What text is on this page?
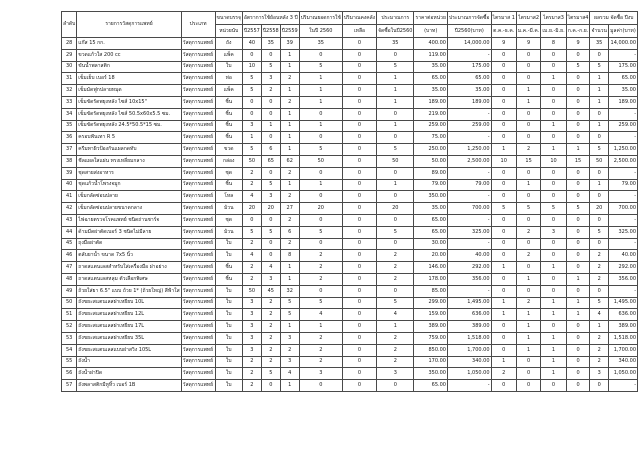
ลำดับ	รายการวัสดุการแพทย์	ประเภท	ขนาดบรรจุ	อัตราการใช้ย้อนหลัง 3 ปี			ปริมาณยอดการใช้	ปริมาณคงคลัง	ประมาณการ	ราคาต่อหน่วย	ประมาณการจัดซื้อ	ไตรมาส 1	ไตรมาส2	ไตรมาส3	ไตรมาส4	ผลรวม จัดซื้อ ปีงบ	
			หน่วยนับ	ปี2557	ปี2558	ปี2559	ในปี 2560	เหลือ	จัดซื้อในปี2560	(บาท)	ปี2560(บาท)	ต.ค.-ธ.ค.	ม.ค.-มี.ค.	เม.ย.-มิ.ย.	ก.ค.-ก.ย.	จำนวน	มูลค่า(บาท)
28	แก๊ส 15 กก.	วัสดุการแพทย์	ถัง	40	35	39	35	0	35	400.00	14,000.00	9	9	8	9	35	14,000.00
29	ขวดแก้วใส 200 cc	วัสดุการแพทย์	แพ็ค	0	0	1	0	0	0	119.00	-	0	0	0	0	0	-
30	ขันน้ำพลาสติก	วัสดุการแพทย์	ใบ	10	5	1	5	0	5	35.00	175.00	0	0	0	5	5	175.00
31	เข็มเย็บ เบอร์ 18	วัสดุการแพทย์	ห่อ	5	3	2	1	0	1	65.00	65.00	0	0	1	0	1	65.00
32	เข็มมัดฟูกปลายหมุด	วัสดุการแพทย์	แพ็ค	5	2	1	1	0	1	35.00	35.00	0	1	0	0	1	35.00
33	เข็มขัดรัดพยุงหลัง ไซส์ 10x15"	วัสดุการแพทย์	ชิ้น	0	0	2	1	0	1	189.00	189.00	0	1	0	0	1	189.00
34	เข็มขัดรัดพยุงหลัง ไซส์ 50.5x60x5.5 ซม.	วัสดุการแพทย์	ชิ้น	0	0	1	0	0	0	219.00	-	0	0	0	0	0	-
35	เข็มขัดรัดพยุงหลัง 24.5*50.5*15 ซม.	วัสดุการแพทย์	ชิ้น	3	1	1	1	0	1	259.00	259.00	0	0	1	0	1	259.00
36	ครอบฟันเทา R 5	วัสดุการแพทย์	ชิ้น	1	0	1	0	0	0	75.00	-	0	0	0	0	0	-
37	ครีมทาผิวป้องกันแผลกดทับ	วัสดุการแพทย์	ขวด	5	6	1	5	0	5	250.00	1,250.00	1	2	1	1	5	1,250.00
38	ชีลแผลใสแผ่น ทรงเหลี่ยมกลาง	วัสดุการแพทย์	กล่อง	50	65	62	50	0	50	50.00	2,500.00	10	15	10	15	50	2,500.00
39	ชุดสายส่งอาหาร	วัสดุการแพทย์	ชุด	2	0	2	0	0	0	89.00	-	0	0	0	0	0	-
40	ชุดแก้วน้ำโพรงจมูก	วัสดุการแพทย์	ชิ้น	2	5	1	1	0	1	79.00	79.00	0	1	0	0	1	79.00
41	เข็มกลัดซ่อนปลาย	วัสดุการแพทย์	โหล	4	3	2	0	0	0	350.00	-	0	0	0	0	0	-
42	เข็มกลัดซ่อนปลายขนาดกลาง	วัสดุการแพทย์	ม้วน	20	20	27	20	0	20	35.00	700.00	5	5	5	5	20	700.00
43	ไฟฉายตรวจโรคแพทย์ ชนิดถ่านชาร์จ	วัสดุการแพทย์	ชุด	0	0	2	0	0	0	65.00	-	0	0	0	0	0	-
44	ด้ามมีดผ่าตัดเบอร์ 3 ชนิดไม่มีลาย	วัสดุการแพทย์	ม้วน	5	5	6	5	0	5	65.00	325.00	0	2	3	0	5	325.00
45	ถุงมือผ่าตัด	วัสดุการแพทย์	ใบ	2	0	2	0	0	0	30.00	-	0	0	0	0	0	-
46	ตลับยาน้ำ ขนาด 7x5 นิ้ว	วัสดุการแพทย์	ใบ	4	0	8	2	0	2	20.00	40.00	0	2	0	0	2	40.00
47	ถาดสแตนเลสสำหรับใส่เครื่องมือ ฝาอย่าง	วัสดุการแพทย์	ชิ้น	2	4	1	2	0	2	146.00	292.00	1	0	1	0	2	292.00
48	ถาดสแตนเลสหลุม ตัวเลือกพิเศษ	วัสดุการแพทย์	ชิ้น	2	3	1	2	0	2	178.00	356.00	0	1	0	1	2	356.00
49	ถ้วยใส่ยา 6.5" แบบ ถ้วย 1* (ถ้วยใหญ่) สีฟ้าใส	วัสดุการแพทย์	ใบ	50	45	32	0	0	0	85.00	-	0	0	0	0	0	-
50	ถังขยะสแตนเลสฝาเหยียบ 10L	วัสดุการแพทย์	ใบ	3	2	5	5	0	5	299.00	1,495.00	1	2	1	1	5	1,495.00
51	ถังขยะสแตนเลสฝาเหยียบ 12L	วัสดุการแพทย์	ใบ	3	2	5	4	0	4	159.00	636.00	1	1	1	1	4	636.00
52	ถังขยะสแตนเลสฝาเหยียบ 17L	วัสดุการแพทย์	ใบ	3	2	1	1	0	1	389.00	389.00	0	1	0	0	1	389.00
53	ถังขยะสแตนเลสฝาเหยียบ 35L	วัสดุการแพทย์	ใบ	3	2	3	2	0	2	759.00	1,518.00	0	1	1	0	2	1,518.00
54	ถังขยะสแตนเลสแบบฝาสวิง 105L	วัสดุการแพทย์	ใบ	3	2	2	2	0	2	850.00	1,700.00	0	1	1	0	2	1,700.00
55	ถังน้ำ	วัสดุการแพทย์	ใบ	2	2	3	2	0	2	170.00	340.00	1	0	1	0	2	340.00
56	ถังน้ำฝาปิด	วัสดุการแพทย์	ใบ	2	5	4	3	0	3	350.00	1,050.00	2	0	1	0	3	1,050.00
57	ถังพลาสติกมีหูหิ้ว เบอร์ 1B	วัสดุการแพทย์	ใบ	2	0	1	0	0	0	65.00	-	0	0	0	0	0	-
